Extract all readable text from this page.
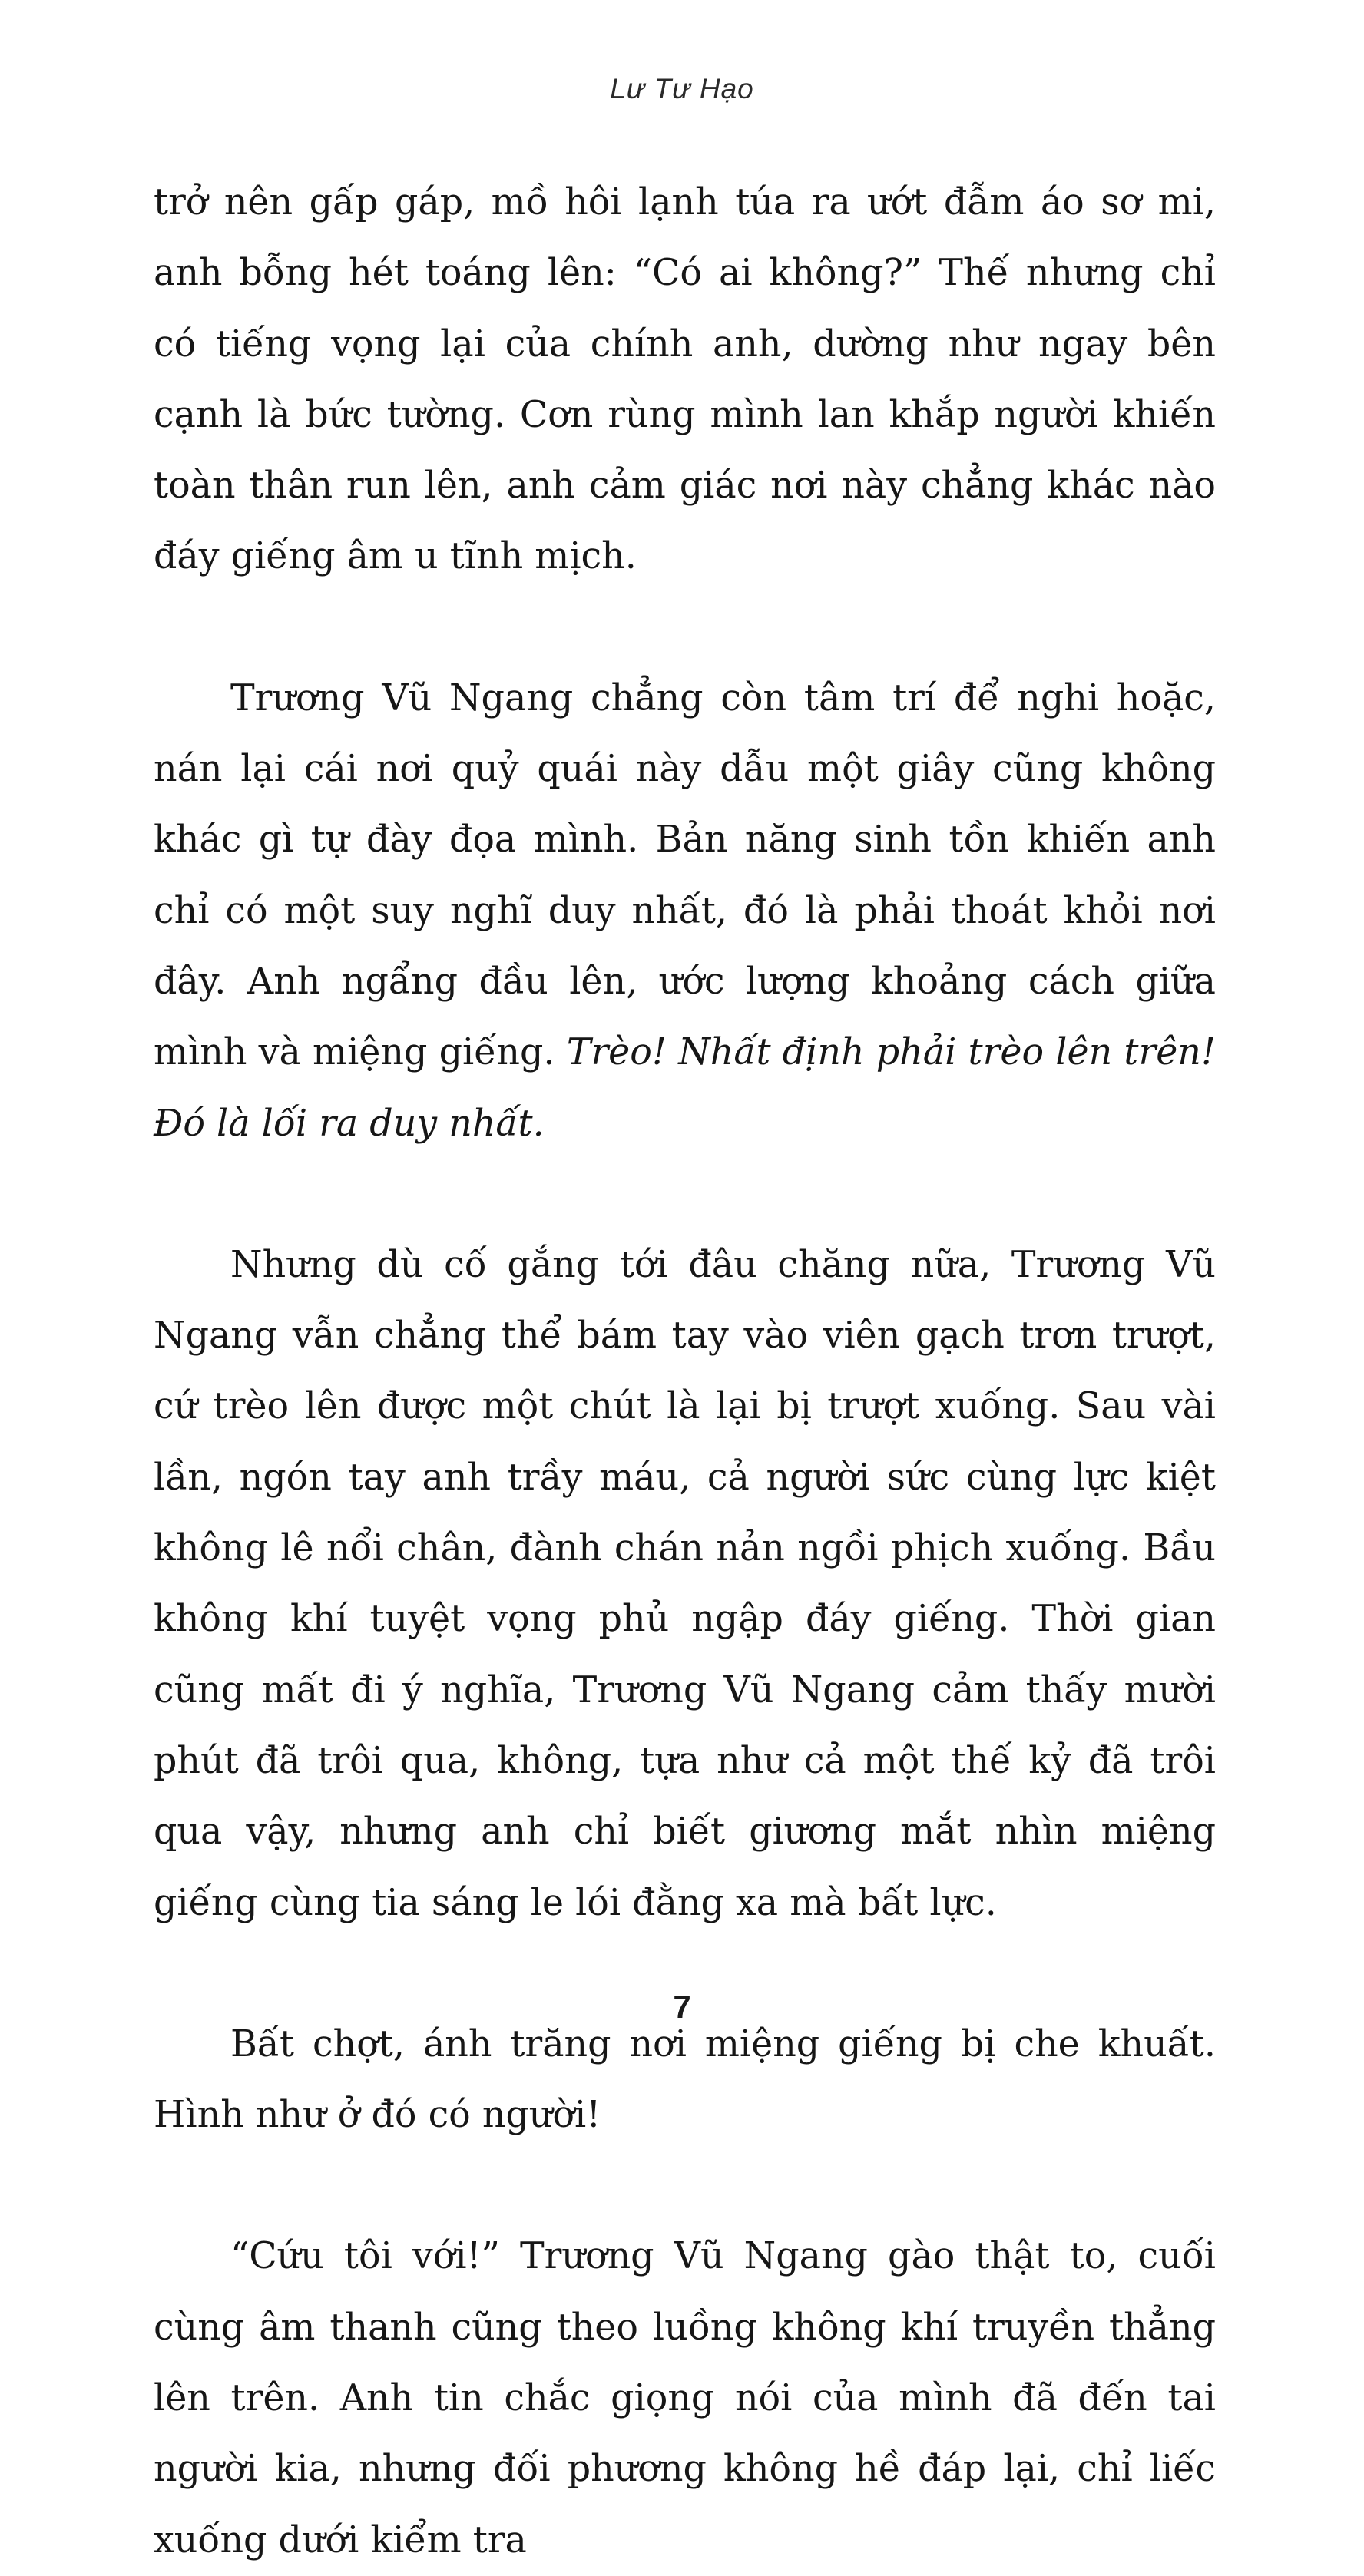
Lư Tư Hạo

trở nên gấp gáp, mồ hôi lạnh túa ra ướt đẫm áo sơ mi, anh bỗng hét toáng lên: “Có ai không?” Thế nhưng chỉ có tiếng vọng lại của chính anh, dường như ngay bên cạnh là bức tường. Cơn rùng mình lan khắp người khiến toàn thân run lên, anh cảm giác nơi này chẳng khác nào đáy giếng âm u tĩnh mịch.

Trương Vũ Ngang chẳng còn tâm trí để nghi hoặc, nán lại cái nơi quỷ quái này dẫu một giây cũng không khác gì tự đày đọa mình. Bản năng sinh tồn khiến anh chỉ có một suy nghĩ duy nhất, đó là phải thoát khỏi nơi đây. Anh ngẩng đầu lên, ước lượng khoảng cách giữa mình và miệng giếng. Trèo! Nhất định phải trèo lên trên! Đó là lối ra duy nhất.

Nhưng dù cố gắng tới đâu chăng nữa, Trương Vũ Ngang vẫn chẳng thể bám tay vào viên gạch trơn trượt, cứ trèo lên được một chút là lại bị trượt xuống. Sau vài lần, ngón tay anh trầy máu, cả người sức cùng lực kiệt không lê nổi chân, đành chán nản ngồi phịch xuống. Bầu không khí tuyệt vọng phủ ngập đáy giếng. Thời gian cũng mất đi ý nghĩa, Trương Vũ Ngang cảm thấy mười phút đã trôi qua, không, tựa như cả một thế kỷ đã trôi qua vậy, nhưng anh chỉ biết giương mắt nhìn miệng giếng cùng tia sáng le lói đằng xa mà bất lực.

Bất chợt, ánh trăng nơi miệng giếng bị che khuất. Hình như ở đó có người!

“Cứu tôi với!” Trương Vũ Ngang gào thật to, cuối cùng âm thanh cũng theo luồng không khí truyền thẳng lên trên. Anh tin chắc giọng nói của mình đã đến tai người kia, nhưng đối phương không hề đáp lại, chỉ liếc xuống dưới kiểm tra

7
